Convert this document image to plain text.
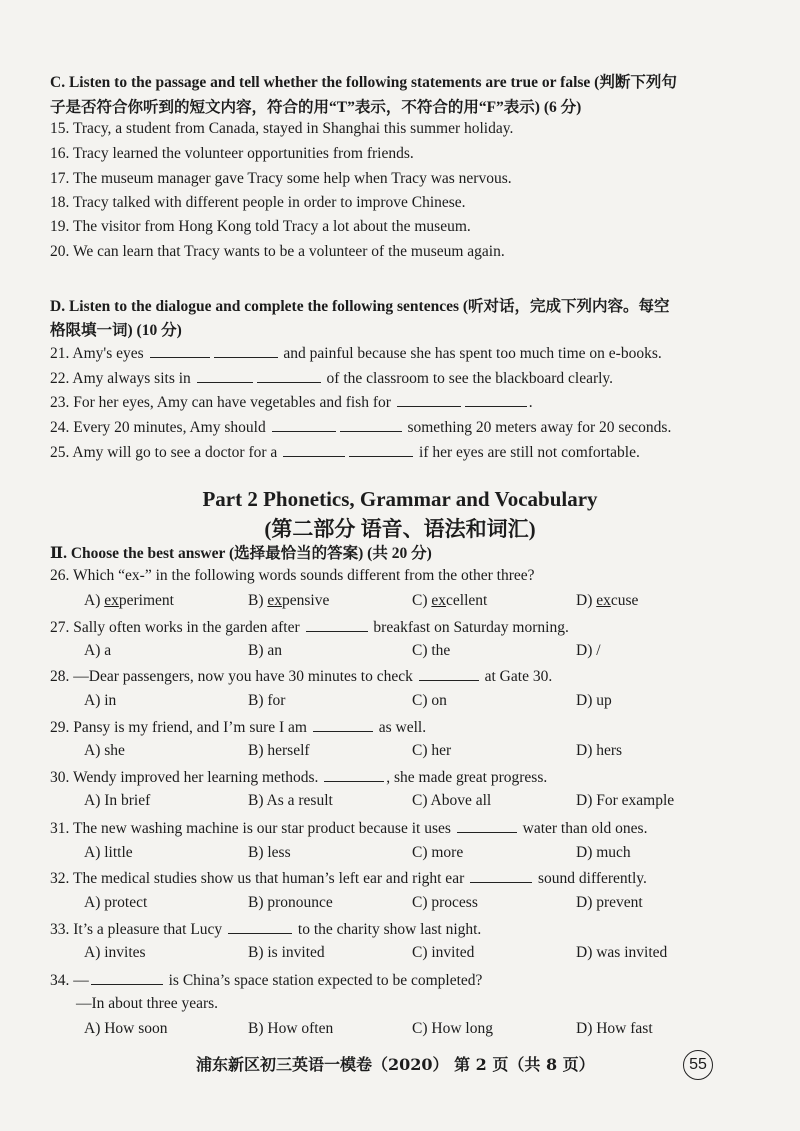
C. Listen to the passage and tell whether the following statements are true or false (判断下列句
子是否符合你听到的短文内容，符合的用“T”表示，不符合的用“F”表示) (6 分)
15. Tracy, a student from Canada, stayed in Shanghai this summer holiday.
16. Tracy learned the volunteer opportunities from friends.
17. The museum manager gave Tracy some help when Tracy was nervous.
18. Tracy talked with different people in order to improve Chinese.
19. The visitor from Hong Kong told Tracy a lot about the museum.
20. We can learn that Tracy wants to be a volunteer of the museum again.
D. Listen to the dialogue and complete the following sentences (听对话，完成下列内容。每空
格限填一词) (10 分)
21. Amy's eyes	and painful because she has spent too much time on e-books.
22. Amy always sits in	of the classroom to see the blackboard clearly.
23. For her eyes, Amy can have vegetables and fish for	.
24. Every 20 minutes, Amy should	something 20 meters away for 20 seconds.
25. Amy will go to see a doctor for a	if her eyes are still not comfortable.
Part 2 Phonetics, Grammar and Vocabulary
(第二部分 语音、语法和词汇)
Ⅱ. Choose the best answer (选择最恰当的答案) (共 20 分)
26. Which “ex-” in the following words sounds different from the other three?
A) experiment	B) expensive	C) excellent	D) excuse
27. Sally often works in the garden after	breakfast on Saturday morning.
A) a	B) an	C) the	D) /
28. —Dear passengers, now you have 30 minutes to check	at Gate 30.
A) in	B) for	C) on	D) up
29. Pansy is my friend, and I’m sure I am	as well.
A) she	B) herself	C) her	D) hers
30. Wendy improved her learning methods.	, she made great progress.
A) In brief	B) As a result	C) Above all	D) For example
31. The new washing machine is our star product because it uses	water than old ones.
A) little	B) less	C) more	D) much
32. The medical studies show us that human’s left ear and right ear	sound differently.
A) protect	B) pronounce	C) process	D) prevent
33. It’s a pleasure that Lucy	to the charity show last night.
A) invites	B) is invited	C) invited	D) was invited
34. —	is China’s space station expected to be completed?
—In about three years.
A) How soon	B) How often	C) How long	D) How fast
浦东新区初三英语一模卷（2020） 第 2 页（共 8 页）	55
